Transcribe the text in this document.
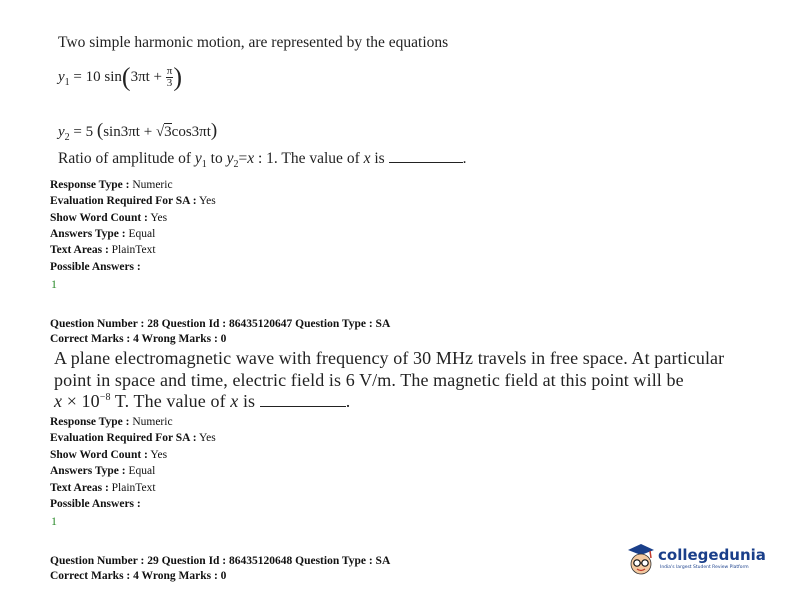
Two simple harmonic motion, are represented by the equations
$y_1 = 10$ $\sin(3\pi t + \frac{\pi}{3}$ )
$y_2 = 5$ (sin3πt + √3cos3πt)
Ratio of amplitude of $y_1$ to $y_2=x$ : 1. The value of x is	.
Response Type : Numeric
Evaluation Required For SA : Yes
Show Word Count : Yes
Answers Type : Equal
Text Areas : PlainText
Possible Answers :
1
Question Number : 28 Question Id : 86435120647 Question Type : SA
Correct Marks : 4 Wrong Marks : 0
A plane electromagnetic wave with frequency of 30 MHz travels in free space. At particular
point in space and time, electric field is 6 V/m. The magnetic field at this point will be
$x \times 10^{-8}$ T. The value of x is	.
Response Type : Numeric
Evaluation Required For SA : Yes
Show Word Count : Yes
Answers Type : Equal
Text Areas : PlainText
Possible Answers :
1
Question Number : 29 Question Id : 86435120648 Question Type : SA
Correct Marks : 4 Wrong Marks : 0
collegedunia
India's largest Student Review Platform
